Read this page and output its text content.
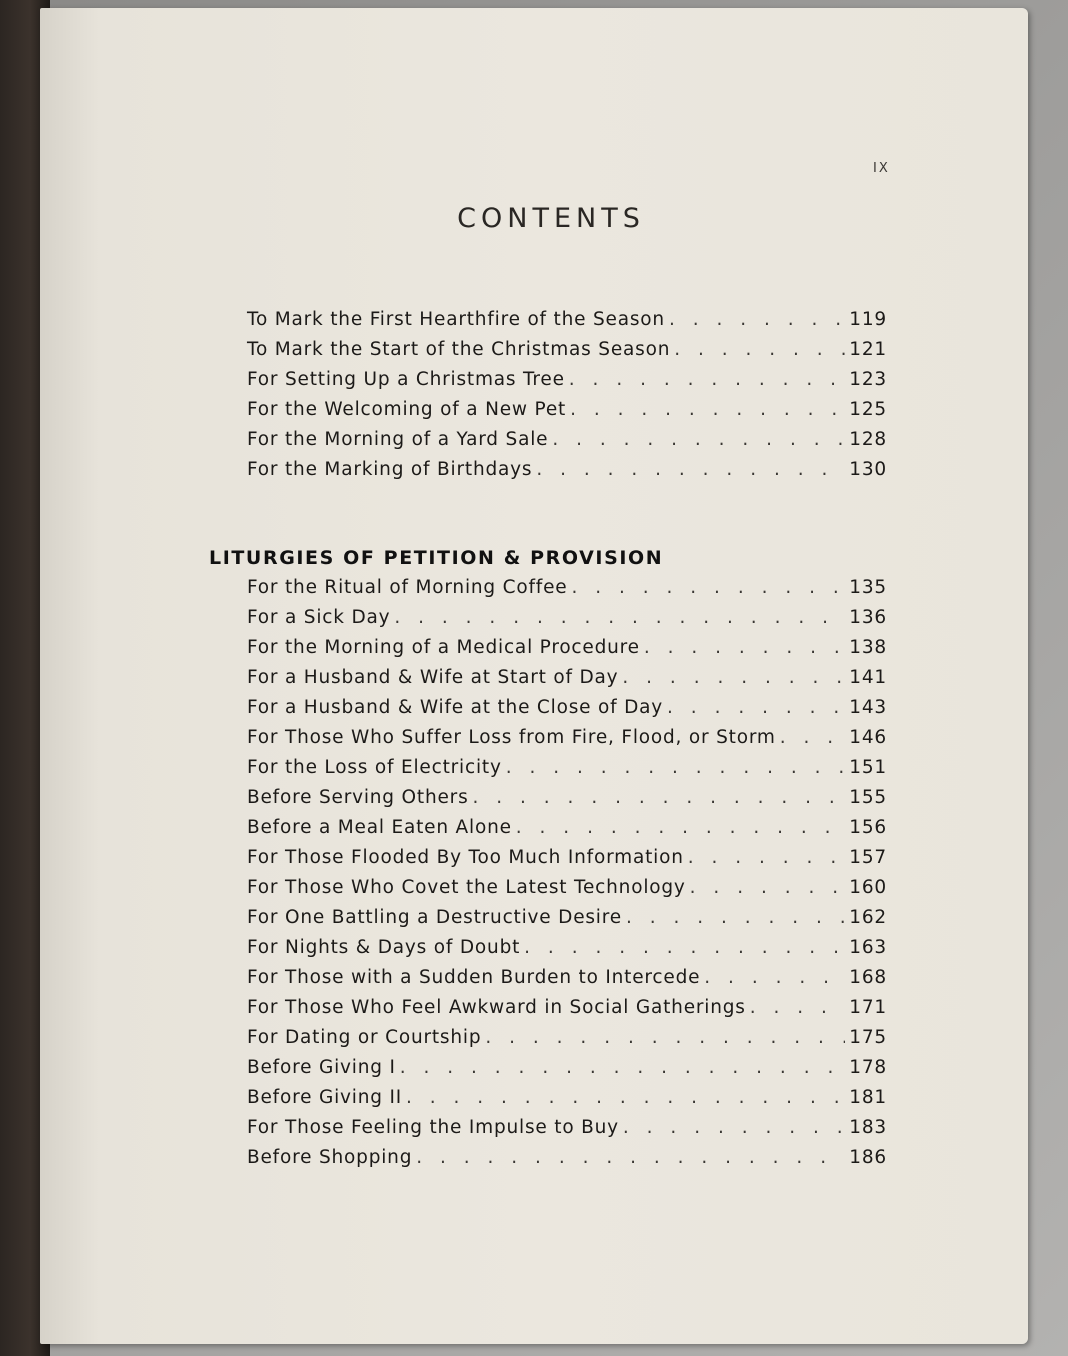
IX
CONTENTS
To Mark the First Hearthfire of the Season . . .	119
To Mark the Start of the Christmas Season . . .	121
For Setting Up a Christmas Tree . . .	123
For the Welcoming of a New Pet . . .	125
For the Morning of a Yard Sale . . .	128
For the Marking of Birthdays . . .	130
LITURGIES OF PETITION & PROVISION
For the Ritual of Morning Coffee . . .	135
For a Sick Day . . .	136
For the Morning of a Medical Procedure . . .	138
For a Husband & Wife at Start of Day . . .	141
For a Husband & Wife at the Close of Day . . .	143
For Those Who Suffer Loss from Fire, Flood, or Storm . . .	146
For the Loss of Electricity . . .	151
Before Serving Others . . .	155
Before a Meal Eaten Alone . . .	156
For Those Flooded By Too Much Information . . .	157
For Those Who Covet the Latest Technology . . .	160
For One Battling a Destructive Desire . . .	162
For Nights & Days of Doubt . . .	163
For Those with a Sudden Burden to Intercede . . .	168
For Those Who Feel Awkward in Social Gatherings . . .	171
For Dating or Courtship . . .	175
Before Giving I . . .	178
Before Giving II . . .	181
For Those Feeling the Impulse to Buy . . .	183
Before Shopping . . .	186
